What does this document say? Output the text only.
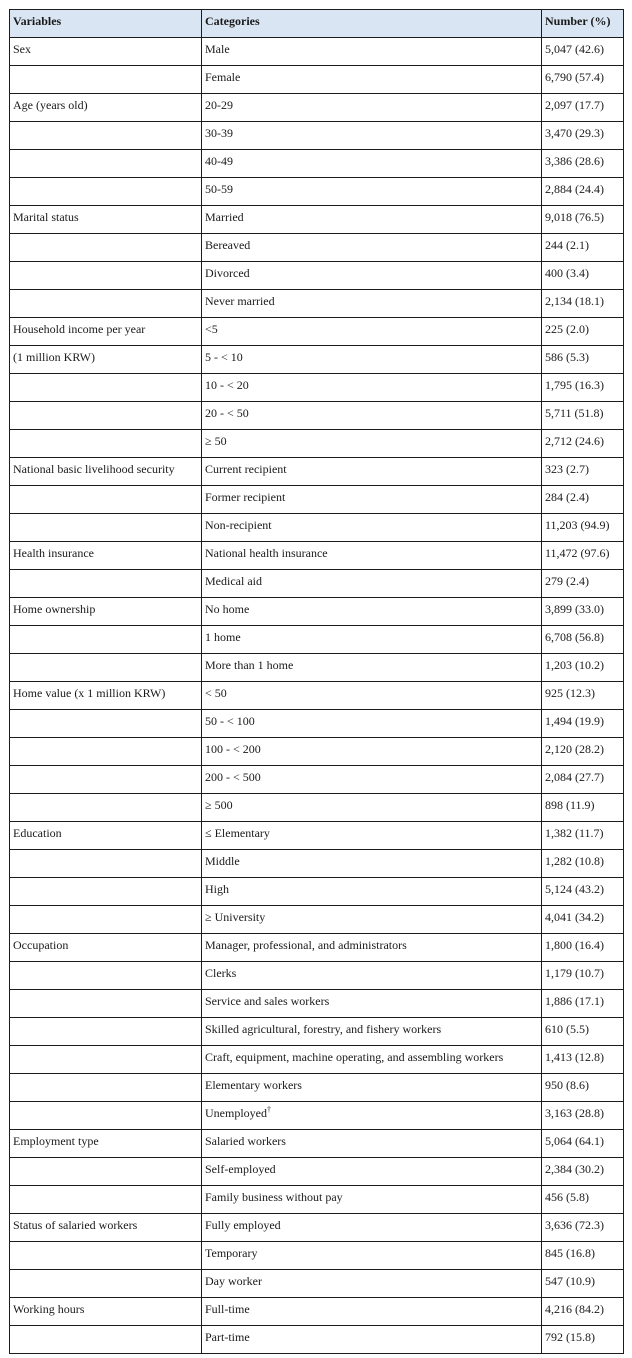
Variables	Categories	Number (%)
Sex	Male	5,047 (42.6)
	Female	6,790 (57.4)
Age (years old)	20-29	2,097 (17.7)
	30-39	3,470 (29.3)
	40-49	3,386 (28.6)
	50-59	2,884 (24.4)
Marital status	Married	9,018 (76.5)
	Bereaved	244 (2.1)
	Divorced	400 (3.4)
	Never married	2,134 (18.1)
Household income per year	<5	225 (2.0)
(1 million KRW)	5 - < 10	586 (5.3)
	10 - < 20	1,795 (16.3)
	20 - < 50	5,711 (51.8)
	≥ 50	2,712 (24.6)
National basic livelihood security	Current recipient	323 (2.7)
	Former recipient	284 (2.4)
	Non-recipient	11,203 (94.9)
Health insurance	National health insurance	11,472 (97.6)
	Medical aid	279 (2.4)
Home ownership	No home	3,899 (33.0)
	1 home	6,708 (56.8)
	More than 1 home	1,203 (10.2)
Home value (x 1 million KRW)	< 50	925 (12.3)
	50 - < 100	1,494 (19.9)
	100 - < 200	2,120 (28.2)
	200 - < 500	2,084 (27.7)
	≥ 500	898 (11.9)
Education	≤ Elementary	1,382 (11.7)
	Middle	1,282 (10.8)
	High	5,124 (43.2)
	≥ University	4,041 (34.2)
Occupation	Manager, professional, and administrators	1,800 (16.4)
	Clerks	1,179 (10.7)
	Service and sales workers	1,886 (17.1)
	Skilled agricultural, forestry, and fishery workers	610 (5.5)
	Craft, equipment, machine operating, and assembling workers	1,413 (12.8)
	Elementary workers	950 (8.6)
	Unemployed†	3,163 (28.8)
Employment type	Salaried workers	5,064 (64.1)
	Self-employed	2,384 (30.2)
	Family business without pay	456 (5.8)
Status of salaried workers	Fully employed	3,636 (72.3)
	Temporary	845 (16.8)
	Day worker	547 (10.9)
Working hours	Full-time	4,216 (84.2)
	Part-time	792 (15.8)
